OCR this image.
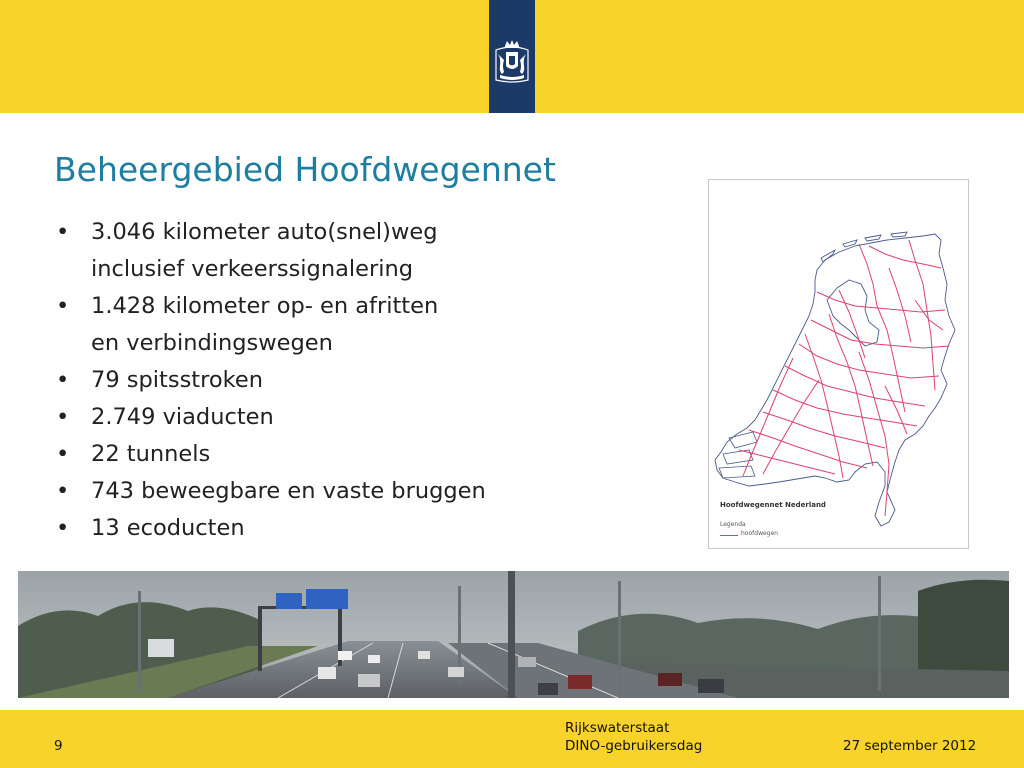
Beheergebied Hoofdwegennet
• 3.046 kilometer auto(snel)weg
inclusief verkeerssignalering
• 1.428 kilometer op- en afritten
en verbindingswegen
• 79 spitsstroken
• 2.749 viaducten
• 22 tunnels
• 743 beweegbare en vaste bruggen
• 13 ecoducten
Hoofdwegennet Nederland
Legenda
hoofdwegen
9
Rijkswaterstaat
DINO-gebruikersdag	27 september 2012
